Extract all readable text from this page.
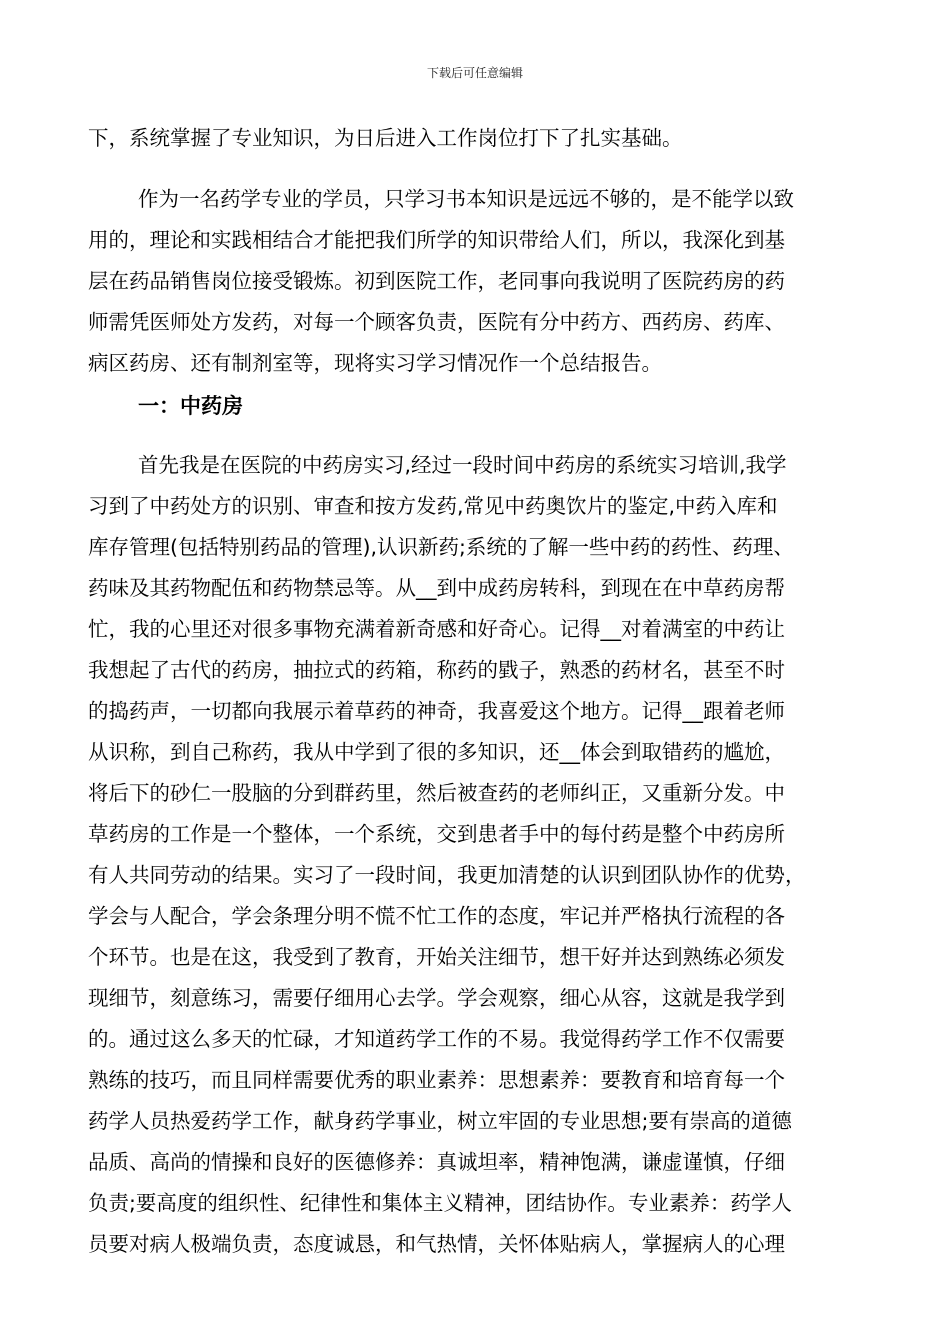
下载后可任意编辑
下，系统掌握了专业知识，为日后进入工作岗位打下了扎实基础。
作为一名药学专业的学员，只学习书本知识是远远不够的，是不能学以致
用的，理论和实践相结合才能把我们所学的知识带给人们，所以，我深化到基
层在药品销售岗位接受锻炼。初到医院工作，老同事向我说明了医院药房的药
师需凭医师处方发药，对每一个顾客负责，医院有分中药方、西药房、药库、
病区药房、还有制剂室等，现将实习学习情况作一个总结报告。
一：中药房
首先我是在医院的中药房实习,经过一段时间中药房的系统实习培训,我学
习到了中药处方的识别、审查和按方发药,常见中药奥饮片的鉴定,中药入库和
库存管理(包括特别药品的管理),认识新药;系统的了解一些中药的药性、药理、
药味及其药物配伍和药物禁忌等。从__到中成药房转科，到现在在中草药房帮
忙，我的心里还对很多事物充满着新奇感和好奇心。记得__对着满室的中药让
我想起了古代的药房，抽拉式的药箱，称药的戥子，熟悉的药材名，甚至不时
的捣药声，一切都向我展示着草药的神奇，我喜爱这个地方。记得__跟着老师
从识称，到自己称药，我从中学到了很的多知识，还__体会到取错药的尴尬，
将后下的砂仁一股脑的分到群药里，然后被查药的老师纠正，又重新分发。中
草药房的工作是一个整体，一个系统，交到患者手中的每付药是整个中药房所
有人共同劳动的结果。实习了一段时间，我更加清楚的认识到团队协作的优势，
学会与人配合，学会条理分明不慌不忙工作的态度，牢记并严格执行流程的各
个环节。也是在这，我受到了教育，开始关注细节，想干好并达到熟练必须发
现细节，刻意练习，需要仔细用心去学。学会观察，细心从容，这就是我学到
的。通过这么多天的忙碌，才知道药学工作的不易。我觉得药学工作不仅需要
熟练的技巧，而且同样需要优秀的职业素养：思想素养：要教育和培育每一个
药学人员热爱药学工作，献身药学事业，树立牢固的专业思想;要有崇高的道德
品质、高尚的情操和良好的医德修养：真诚坦率，精神饱满，谦虚谨慎，仔细
负责;要高度的组织性、纪律性和集体主义精神，团结协作。专业素养：药学人
员要对病人极端负责，态度诚恳，和气热情，关怀体贴病人，掌握病人的心理
